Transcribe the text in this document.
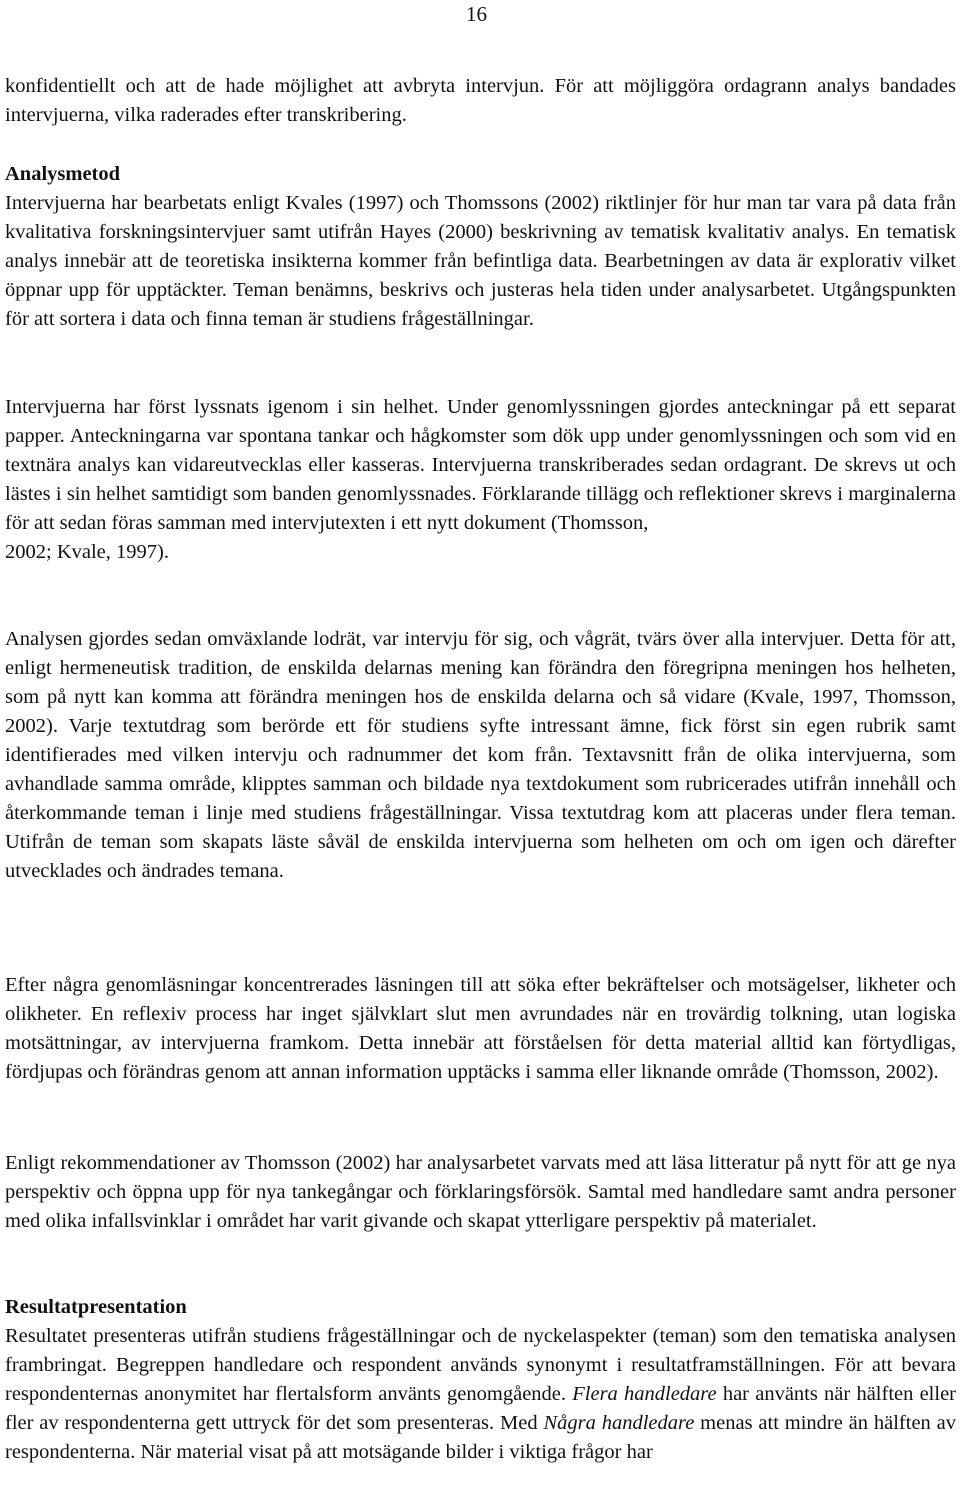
16

konfidentiellt och att de hade möjlighet att avbryta intervjun. För att möjliggöra ordagrann analys bandades intervjuerna, vilka raderades efter transkribering.

Analysmetod
Intervjuerna har bearbetats enligt Kvales (1997) och Thomssons (2002) riktlinjer för hur man tar vara på data från kvalitativa forskningsintervjuer samt utifrån Hayes (2000) beskrivning av tematisk kvalitativ analys. En tematisk analys innebär att de teoretiska insikterna kommer från befintliga data. Bearbetningen av data är explorativ vilket öppnar upp för upptäckter. Teman benämns, beskrivs och justeras hela tiden under analysarbetet. Utgångspunkten för att sortera i data och finna teman är studiens frågeställningar.

Intervjuerna har först lyssnats igenom i sin helhet. Under genomlyssningen gjordes anteckningar på ett separat papper. Anteckningarna var spontana tankar och hågkomster som dök upp under genomlyssningen och som vid en textnära analys kan vidareutvecklas eller kasseras. Intervjuerna transkriberades sedan ordagrant. De skrevs ut och lästes i sin helhet samtidigt som banden genomlyssnades. Förklarande tillägg och reflektioner skrevs i marginalerna för att sedan föras samman med intervjutexten i ett nytt dokument (Thomsson,
2002; Kvale, 1997).

Analysen gjordes sedan omväxlande lodrät, var intervju för sig, och vågrät, tvärs över alla intervjuer. Detta för att, enligt hermeneutisk tradition, de enskilda delarnas mening kan förändra den föregripna meningen hos helheten, som på nytt kan komma att förändra meningen hos de enskilda delarna och så vidare (Kvale, 1997, Thomsson, 2002). Varje textutdrag som berörde ett för studiens syfte intressant ämne, fick först sin egen rubrik samt identifierades med vilken intervju och radnummer det kom från. Textavsnitt från de olika intervjuerna, som avhandlade samma område, klipptes samman och bildade nya textdokument som rubricerades utifrån innehåll och återkommande teman i linje med studiens frågeställningar. Vissa textutdrag kom att placeras under flera teman. Utifrån de teman som skapats läste såväl de enskilda intervjuerna som helheten om och om igen och därefter utvecklades och ändrades temana.

Efter några genomläsningar koncentrerades läsningen till att söka efter bekräftelser och motsägelser, likheter och olikheter. En reflexiv process har inget självklart slut men avrundades när en trovärdig tolkning, utan logiska motsättningar, av intervjuerna framkom. Detta innebär att förståelsen för detta material alltid kan förtydligas, fördjupas och förändras genom att annan information upptäcks i samma eller liknande område (Thomsson, 2002).

Enligt rekommendationer av Thomsson (2002) har analysarbetet varvats med att läsa litteratur på nytt för att ge nya perspektiv och öppna upp för nya tankegångar och förklaringsförsök. Samtal med handledare samt andra personer med olika infallsvinklar i området har varit givande och skapat ytterligare perspektiv på materialet.

Resultatpresentation
Resultatet presenteras utifrån studiens frågeställningar och de nyckelaspekter (teman) som den tematiska analysen frambringat. Begreppen handledare och respondent används synonymt i resultatframställningen. För att bevara respondenternas anonymitet har flertalsform använts genomgående. Flera handledare har använts när hälften eller fler av respondenterna gett uttryck för det som presenteras. Med Några handledare menas att mindre än hälften av respondenterna. När material visat på att motsägande bilder i viktiga frågor har
